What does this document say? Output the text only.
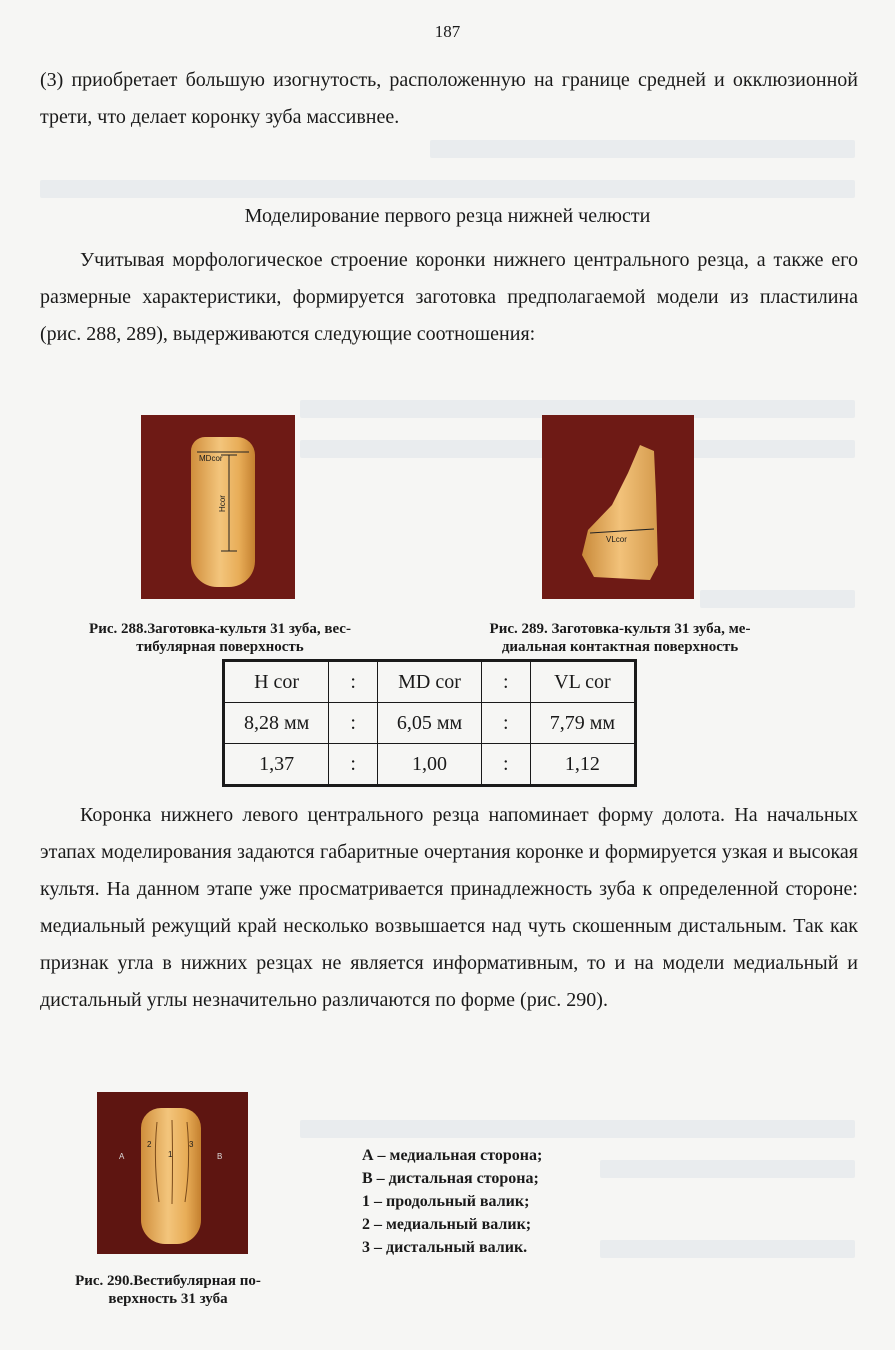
187

(3) приобретает большую изогнутость, расположенную на границе средней и окклюзионной трети, что делает коронку зуба массивнее.

Моделирование первого резца нижней челюсти

Учитывая морфологическое строение коронки нижнего центрального резца, а также его размерные характеристики, формируется заготовка предполагаемой модели из пластилина (рис. 288, 289), выдерживаются следующие соотношения:

MDcor
Hcor
Рис. 288.Заготовка-культя 31 зуба, вес-
тибулярная поверхность
VLcor
Рис. 289. Заготовка-культя 31 зуба, ме-
диальная контактная поверхность
H cor	:	MD cor	:	VL cor
8,28 мм	:	6,05 мм	:	7,79 мм
1,37	:	1,00	:	1,12

Коронка нижнего левого центрального резца напоминает форму долота. На начальных этапах моделирования задаются габаритные очертания коронке и формируется узкая и высокая культя. На данном этапе уже просматривается принадлежность зуба к определенной стороне: медиальный режущий край несколько возвышается над чуть скошенным дистальным. Так как признак угла в нижних резцах не является информативным, то и на модели медиальный и дистальный углы незначительно различаются по форме (рис. 290).

A
2
1
3
B
Рис. 290.Вестибулярная по-
верхность 31 зуба
А – медиальная сторона;
В – дистальная сторона;
1 – продольный валик;
2 – медиальный валик;
3 – дистальный валик.
